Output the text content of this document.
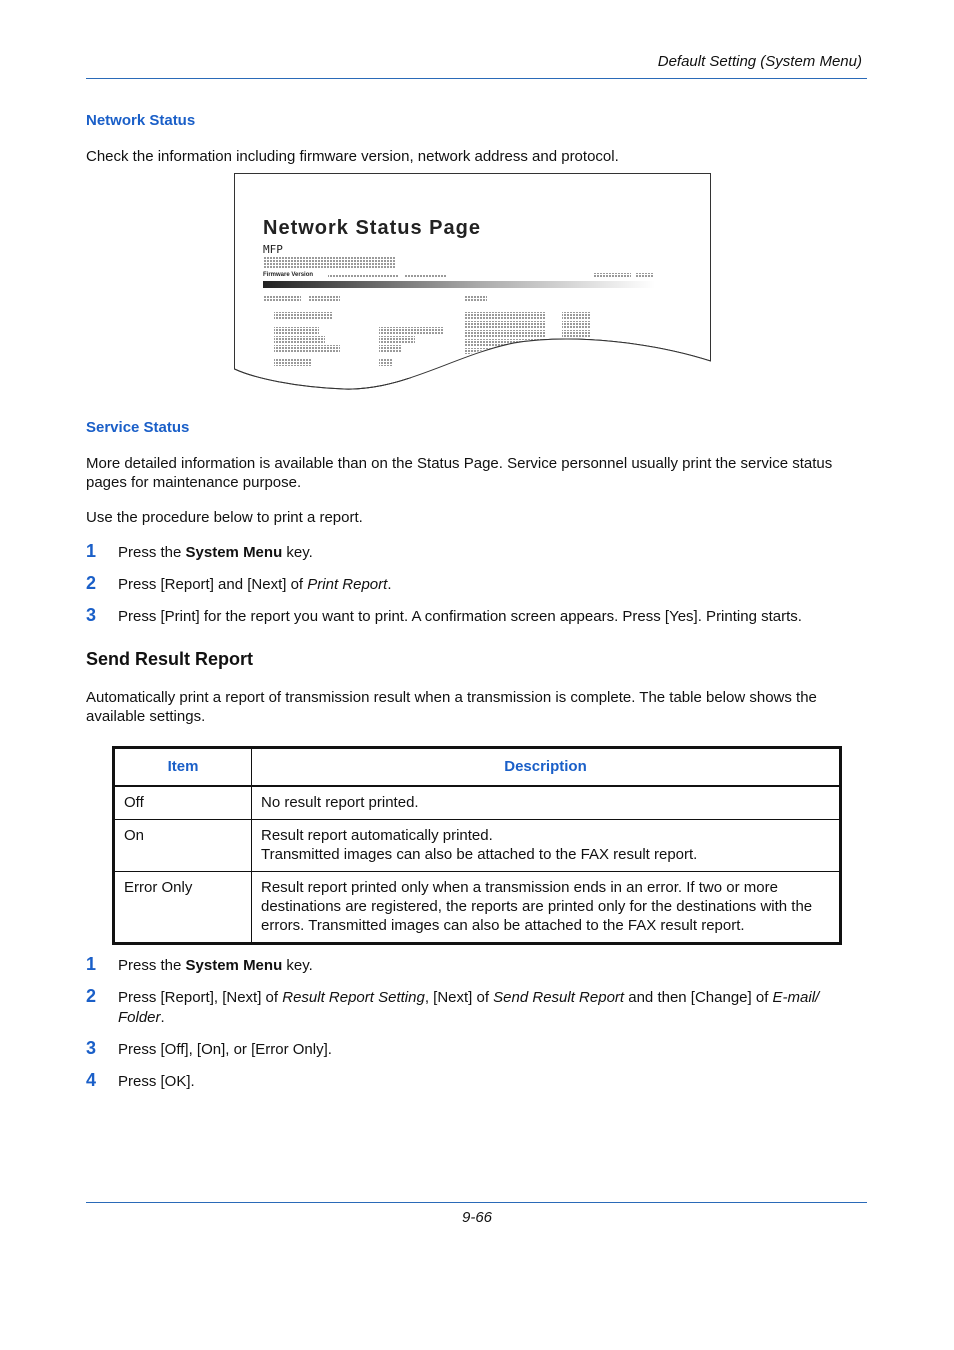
Default Setting (System Menu)
Network Status
Check the information including firmware version, network address and protocol.
Network Status Page
MFP
Firmware Version
Service Status
More detailed information is available than on the Status Page. Service personnel usually print the service status pages for maintenance purpose.
Use the procedure below to print a report.
1 Press the System Menu key.
2 Press [Report] and [Next] of Print Report.
3 Press [Print] for the report you want to print. A confirmation screen appears. Press [Yes]. Printing starts.
Send Result Report
Automatically print a report of transmission result when a transmission is complete. The table below shows the available settings.
Item	Description
Off	No result report printed.

On	Result report automatically printed.
Transmitted images can also be attached to the FAX result report.

Error Only	Result report printed only when a transmission ends in an error. If two or more destinations are registered, the reports are printed only for the destinations with the errors. Transmitted images can also be attached to the FAX result report.
1 Press the System Menu key.
2 Press [Report], [Next] of Result Report Setting, [Next] of Send Result Report and then [Change] of E-mail/ Folder.
3 Press [Off], [On], or [Error Only].
4 Press [OK].
9-66
